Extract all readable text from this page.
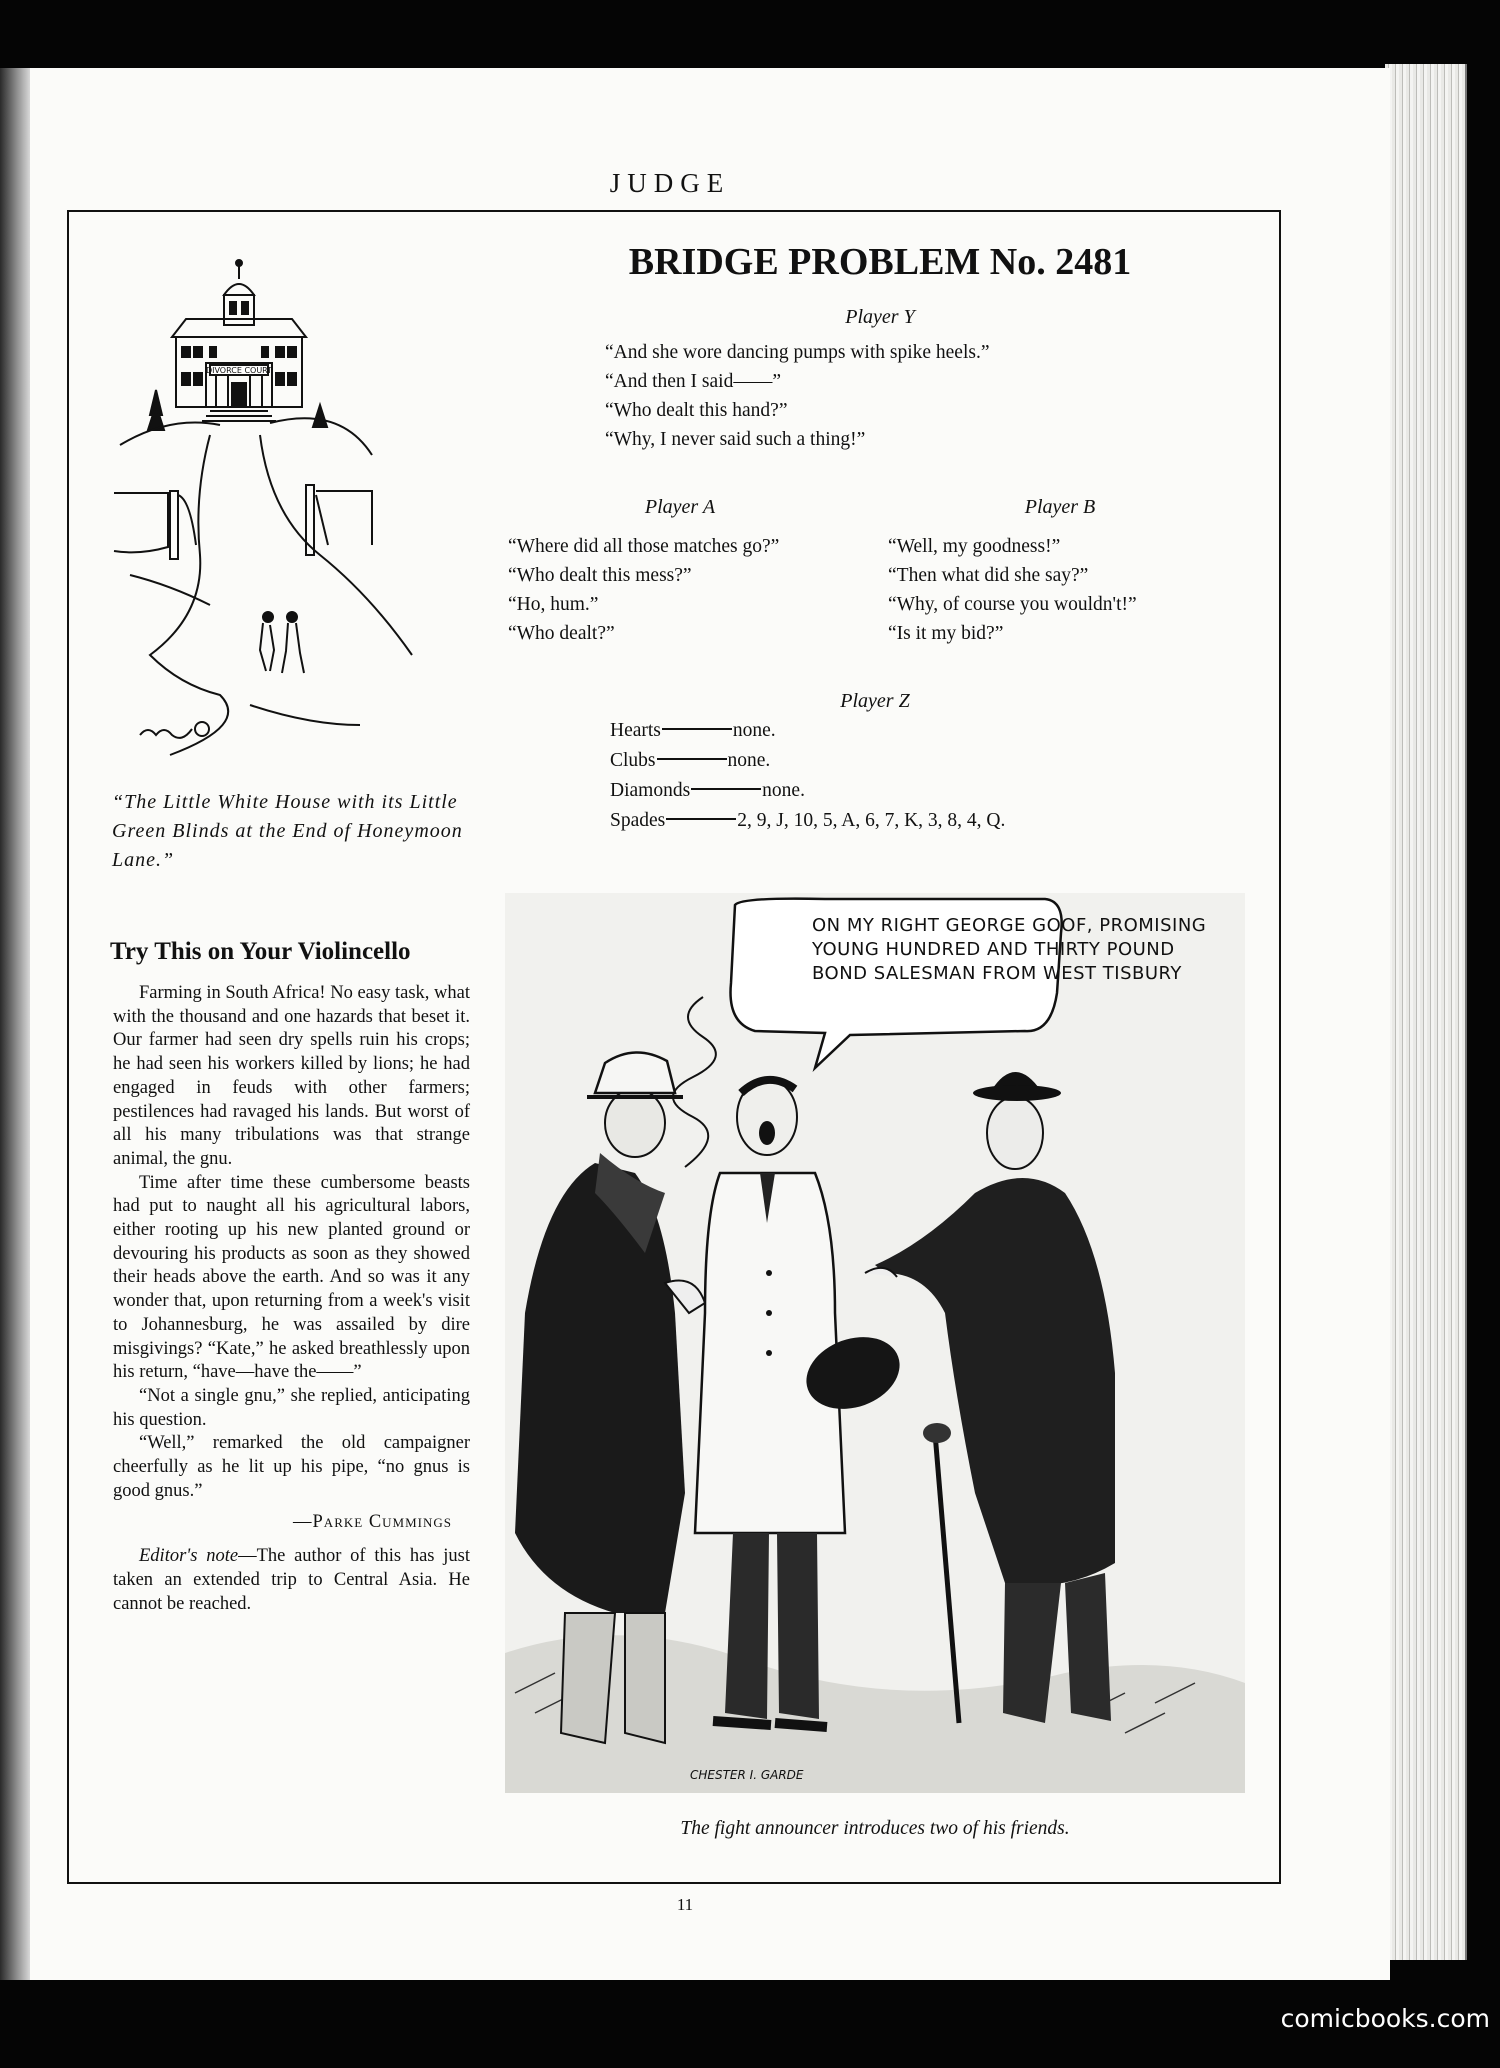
JUDGE
BRIDGE PROBLEM No. 2481
Player Y
“And she wore dancing pumps with spike heels.”
“And then I said——”
“Who dealt this hand?”
“Why, I never said such a thing!”
Player A
“Where did all those matches go?”
“Who dealt this mess?”
“Ho, hum.”
“Who dealt?”
Player B
“Well, my goodness!”
“Then what did she say?”
“Why, of course you wouldn't!”
“Is it my bid?”
Player Z
Hearts	none.
Clubs	none.
Diamonds	none.
Spades	2, 9, J, 10, 5, A, 6, 7, K, 3, 8, 4, Q.
DIVORCE COURT
“The Little White House with its Little Green Blinds at the End of Honeymoon Lane.”
Try This on Your Violincello

Farming in South Africa! No easy task, what with the thousand and one hazards that beset it. Our farmer had seen dry spells ruin his crops; he had seen his workers killed by lions; he had engaged in feuds with other farmers; pestilences had ravaged his lands. But worst of all his many tribulations was that strange animal, the gnu.

Time after time these cumbersome beasts had put to naught all his agricultural labors, either rooting up his new planted ground or devouring his products as soon as they showed their heads above the earth. And so was it any wonder that, upon returning from a week's visit to Johannesburg, he was assailed by dire misgivings? “Kate,” he asked breathlessly upon his return, “have—have the——”

“Not a single gnu,” she replied, anticipating his question.

“Well,” remarked the old campaigner cheerfully as he lit up his pipe, “no gnus is good gnus.”

—Parke Cummings

Editor's note—The author of this has just taken an extended trip to Central Asia. He cannot be reached.

ON MY RIGHT GEORGE GOOF, PROMISING YOUNG HUNDRED AND THIRTY POUND BOND SALESMAN FROM WEST TISBURY
CHESTER I. GARDE
The fight announcer introduces two of his friends.
11
comicbooks.com
